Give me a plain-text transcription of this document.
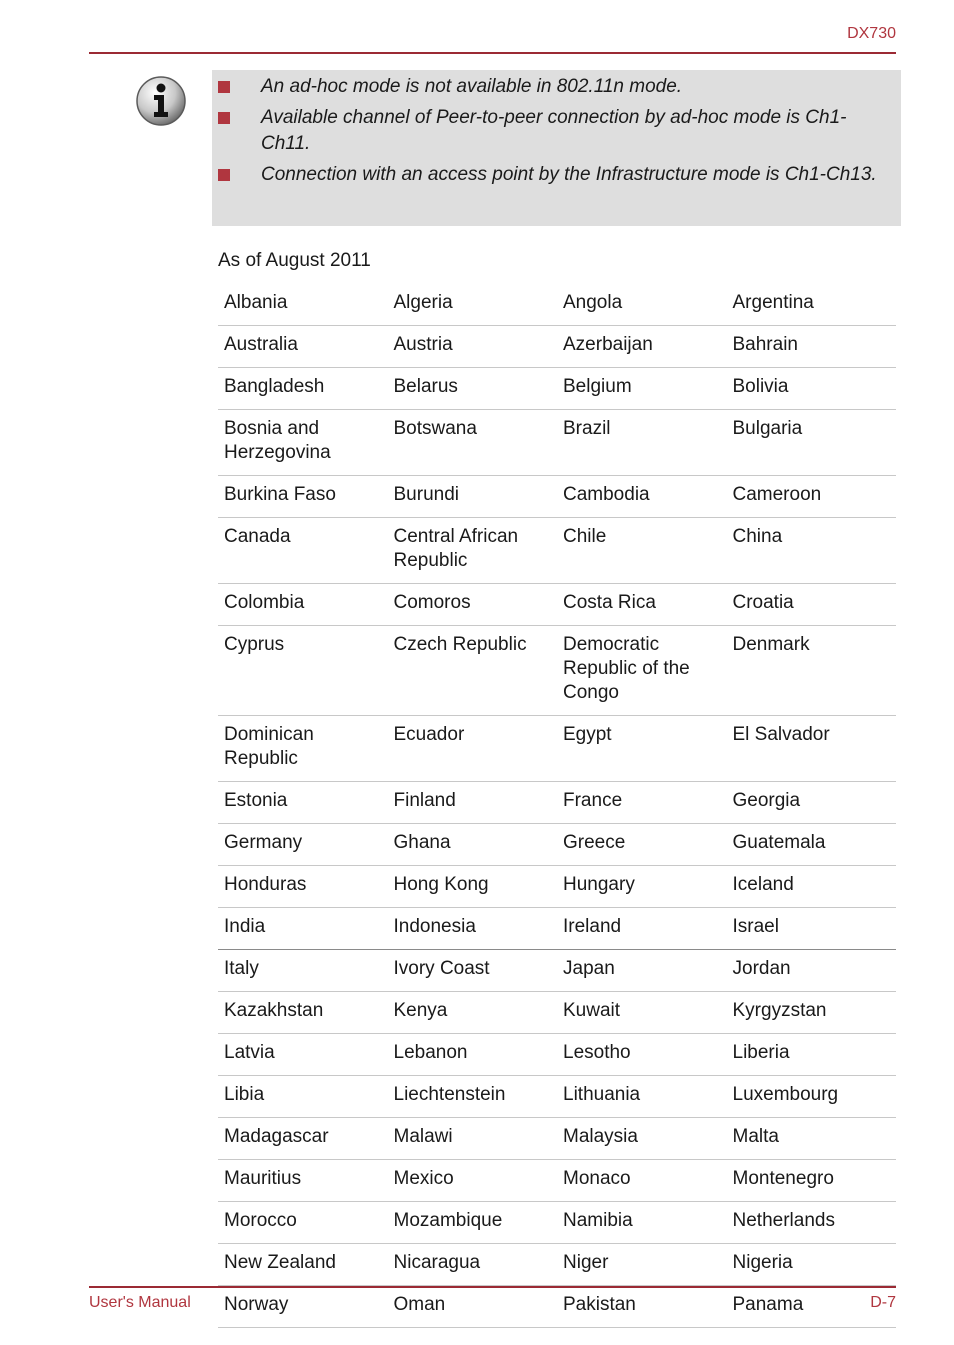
DX730
An ad-hoc mode is not available in 802.11n mode.
Available channel of Peer-to-peer connection by ad-hoc mode is Ch1-Ch11.
Connection with an access point by the Infrastructure mode is Ch1-Ch13.
As of August 2011
Albania	Algeria	Angola	Argentina
Australia	Austria	Azerbaijan	Bahrain
Bangladesh	Belarus	Belgium	Bolivia
Bosnia and Herzegovina	Botswana	Brazil	Bulgaria
Burkina Faso	Burundi	Cambodia	Cameroon
Canada	Central African Republic	Chile	China
Colombia	Comoros	Costa Rica	Croatia
Cyprus	Czech Republic	Democratic Republic of the Congo	Denmark
Dominican Republic	Ecuador	Egypt	El Salvador
Estonia	Finland	France	Georgia
Germany	Ghana	Greece	Guatemala
Honduras	Hong Kong	Hungary	Iceland
India	Indonesia	Ireland	Israel
Italy	Ivory Coast	Japan	Jordan
Kazakhstan	Kenya	Kuwait	Kyrgyzstan
Latvia	Lebanon	Lesotho	Liberia
Libia	Liechtenstein	Lithuania	Luxembourg
Madagascar	Malawi	Malaysia	Malta
Mauritius	Mexico	Monaco	Montenegro
Morocco	Mozambique	Namibia	Netherlands
New Zealand	Nicaragua	Niger	Nigeria
Norway	Oman	Pakistan	Panama
User's Manual	D-7
